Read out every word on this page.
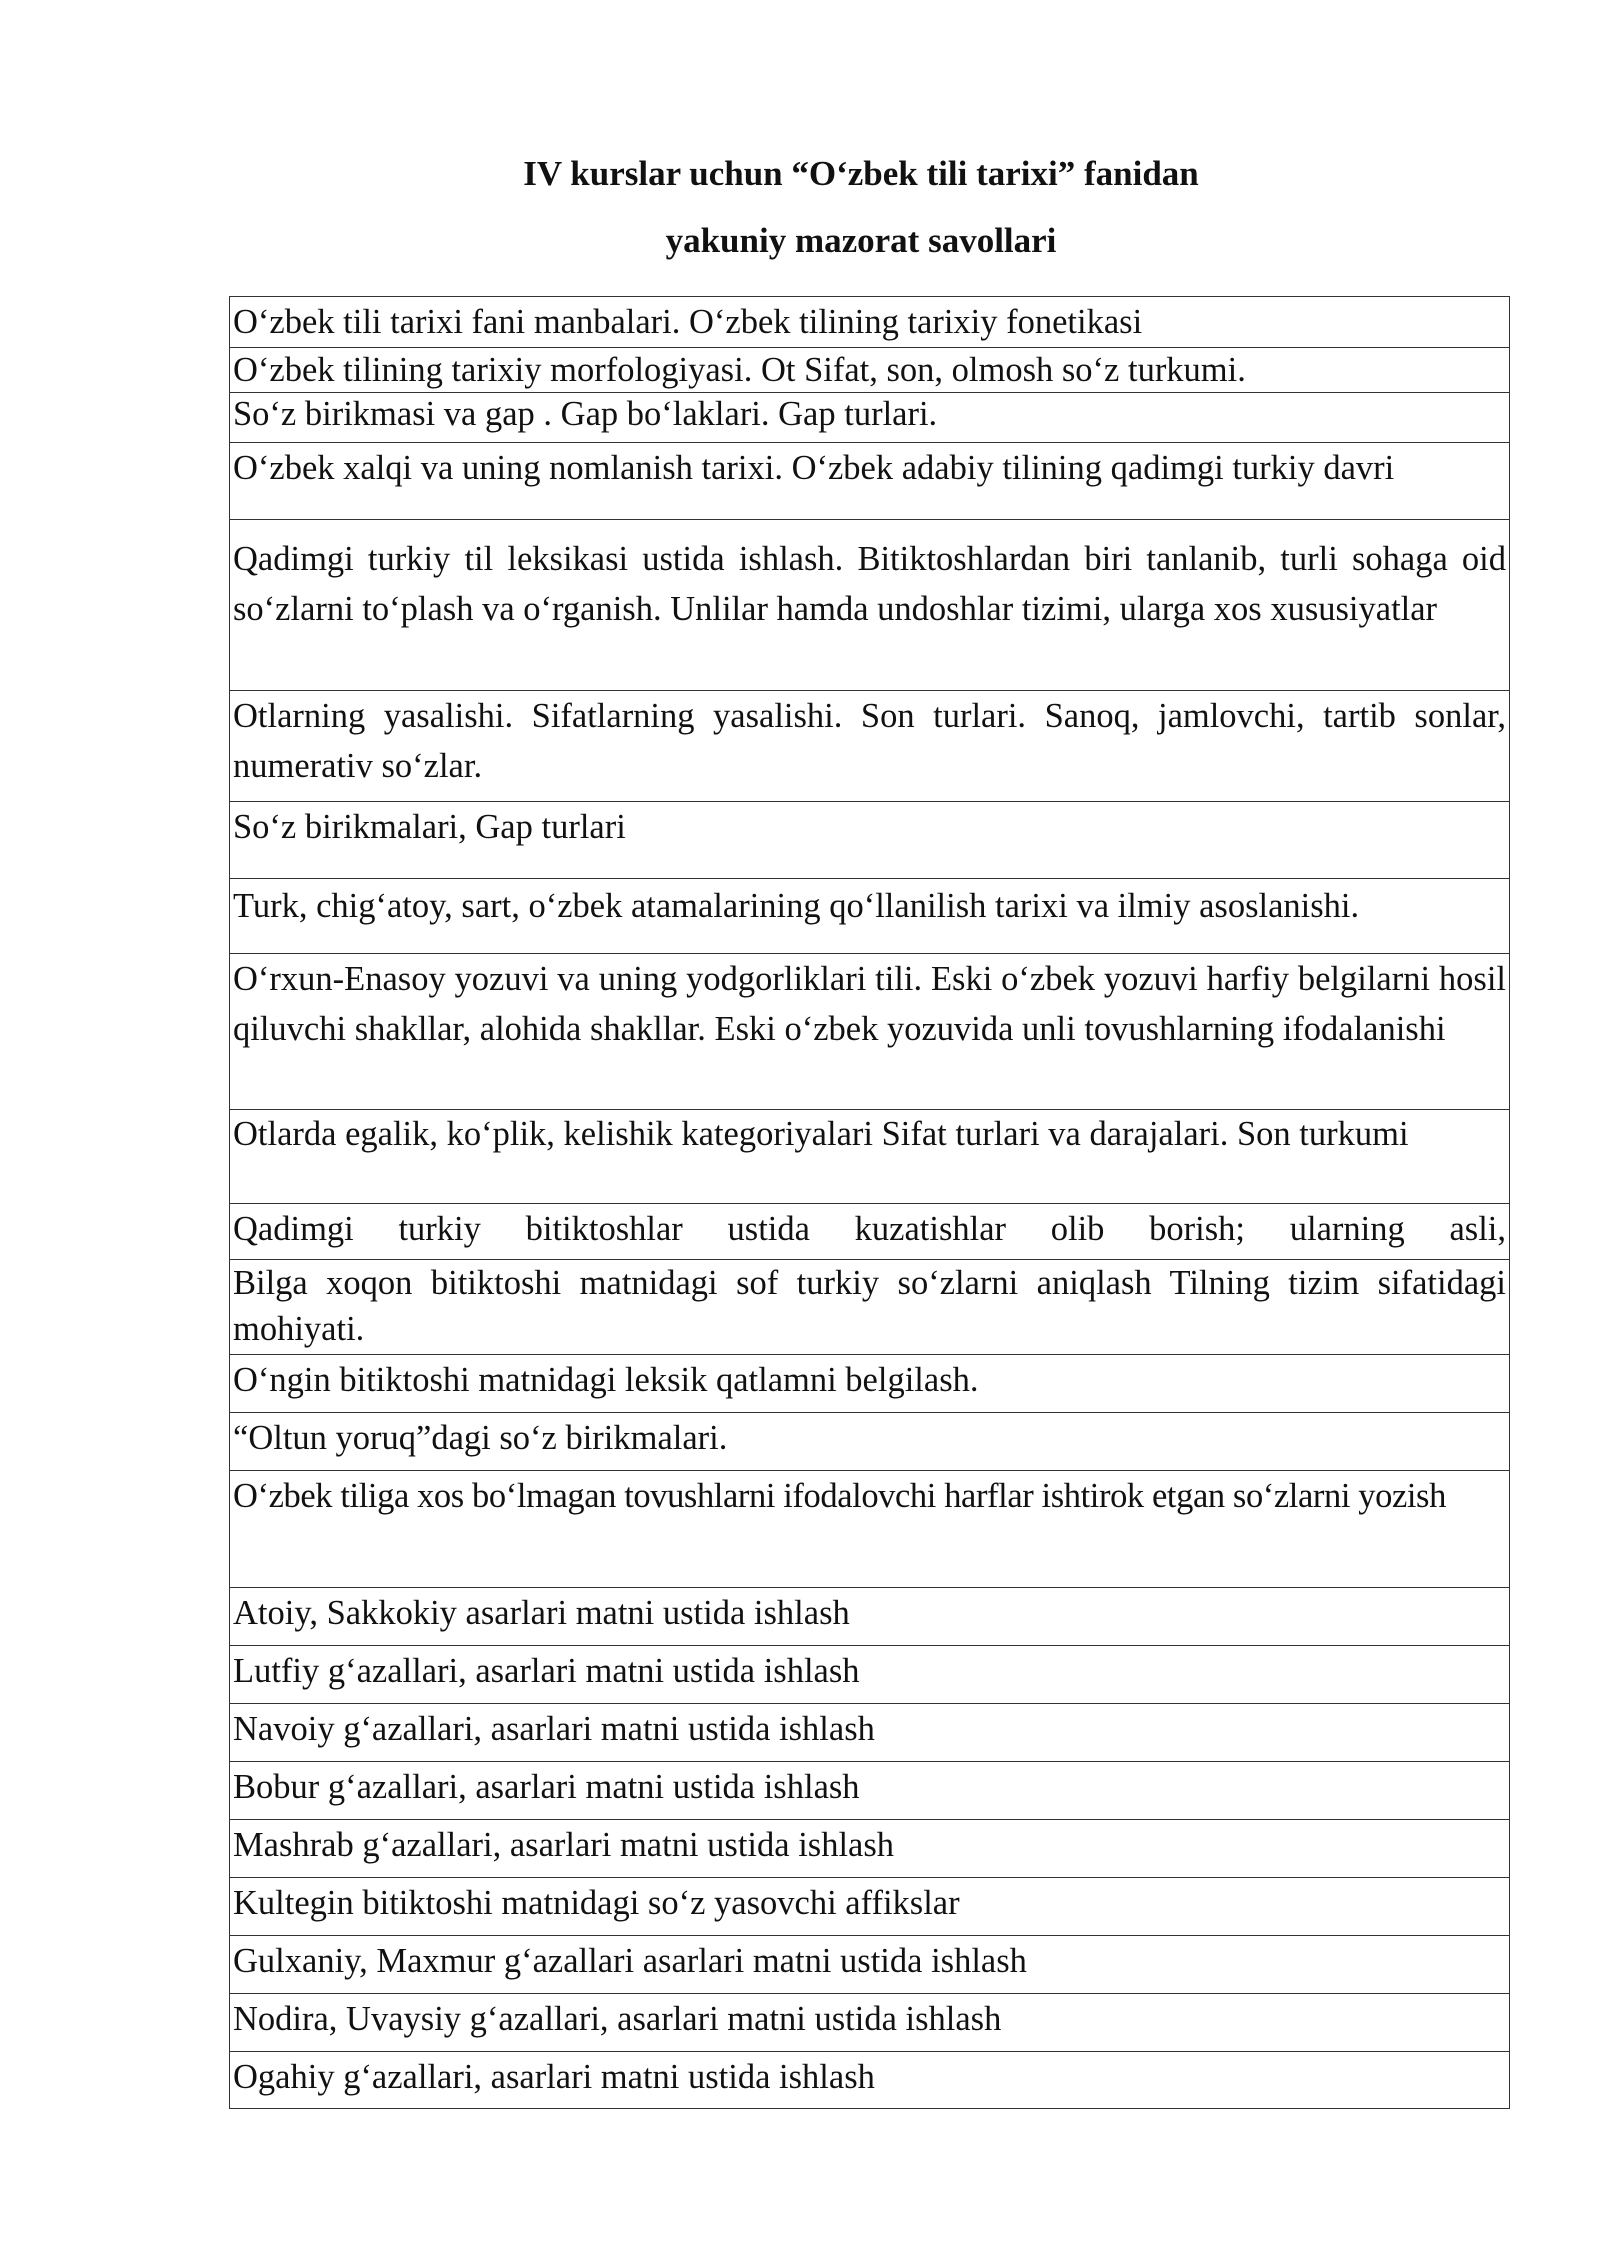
IV kurslar uchun “O‘zbek tili tarixi” fanidan
yakuniy mazorat savollari
O‘zbek tili tarixi fani manbalari. O‘zbek tilining tarixiy fonetikasi

O‘zbek tilining tarixiy morfologiyasi. Ot Sifat, son, olmosh so‘z turkumi.

So‘z birikmasi va gap . Gap bo‘laklari. Gap turlari.

O‘zbek xalqi va uning nomlanish tarixi. O‘zbek adabiy tilining qadimgi turkiy davri

Qadimgi turkiy til leksikasi ustida ishlash. Bitiktoshlardan biri tanlanib, turli sohaga oid so‘zlarni to‘plash va o‘rganish. Unlilar hamda undoshlar tizimi, ularga xos xususiyatlar

Otlarning yasalishi. Sifatlarning yasalishi. Son turlari. Sanoq, jamlovchi, tartib sonlar, numerativ so‘zlar.

So‘z birikmalari, Gap turlari

Turk, chig‘atoy, sart, o‘zbek atamalarining qo‘llanilish tarixi va ilmiy asoslanishi.

O‘rxun-Enasoy yozuvi va uning yodgorliklari tili. Eski o‘zbek yozuvi harfiy belgilarni hosil qiluvchi shakllar, alohida shakllar. Eski o‘zbek yozuvida unli tovushlarning ifodalanishi

Otlarda egalik, ko‘plik, kelishik kategoriyalari Sifat turlari va darajalari. Son turkumi

Qadimgi turkiy bitiktoshlar ustida kuzatishlar olib borish; ularning asli,

Bilga xoqon bitiktoshi matnidagi sof turkiy so‘zlarni aniqlash Tilning tizim sifatidagi mohiyati.

O‘ngin bitiktoshi matnidagi leksik qatlamni belgilash.

“Oltun yoruq”dagi so‘z birikmalari.

O‘zbek tiliga xos bo‘lmagan tovushlarni ifodalovchi harflar ishtirok etgan so‘zlarni yozish

Atoiy, Sakkokiy asarlari matni ustida ishlash

Lutfiy g‘azallari, asarlari matni ustida ishlash

Navoiy g‘azallari, asarlari matni ustida ishlash

Bobur g‘azallari, asarlari matni ustida ishlash

Mashrab g‘azallari, asarlari matni ustida ishlash

Kultegin bitiktoshi matnidagi so‘z yasovchi affikslar

Gulxaniy, Maxmur g‘azallari asarlari matni ustida ishlash

Nodira, Uvaysiy g‘azallari, asarlari matni ustida ishlash

Ogahiy g‘azallari, asarlari matni ustida ishlash
